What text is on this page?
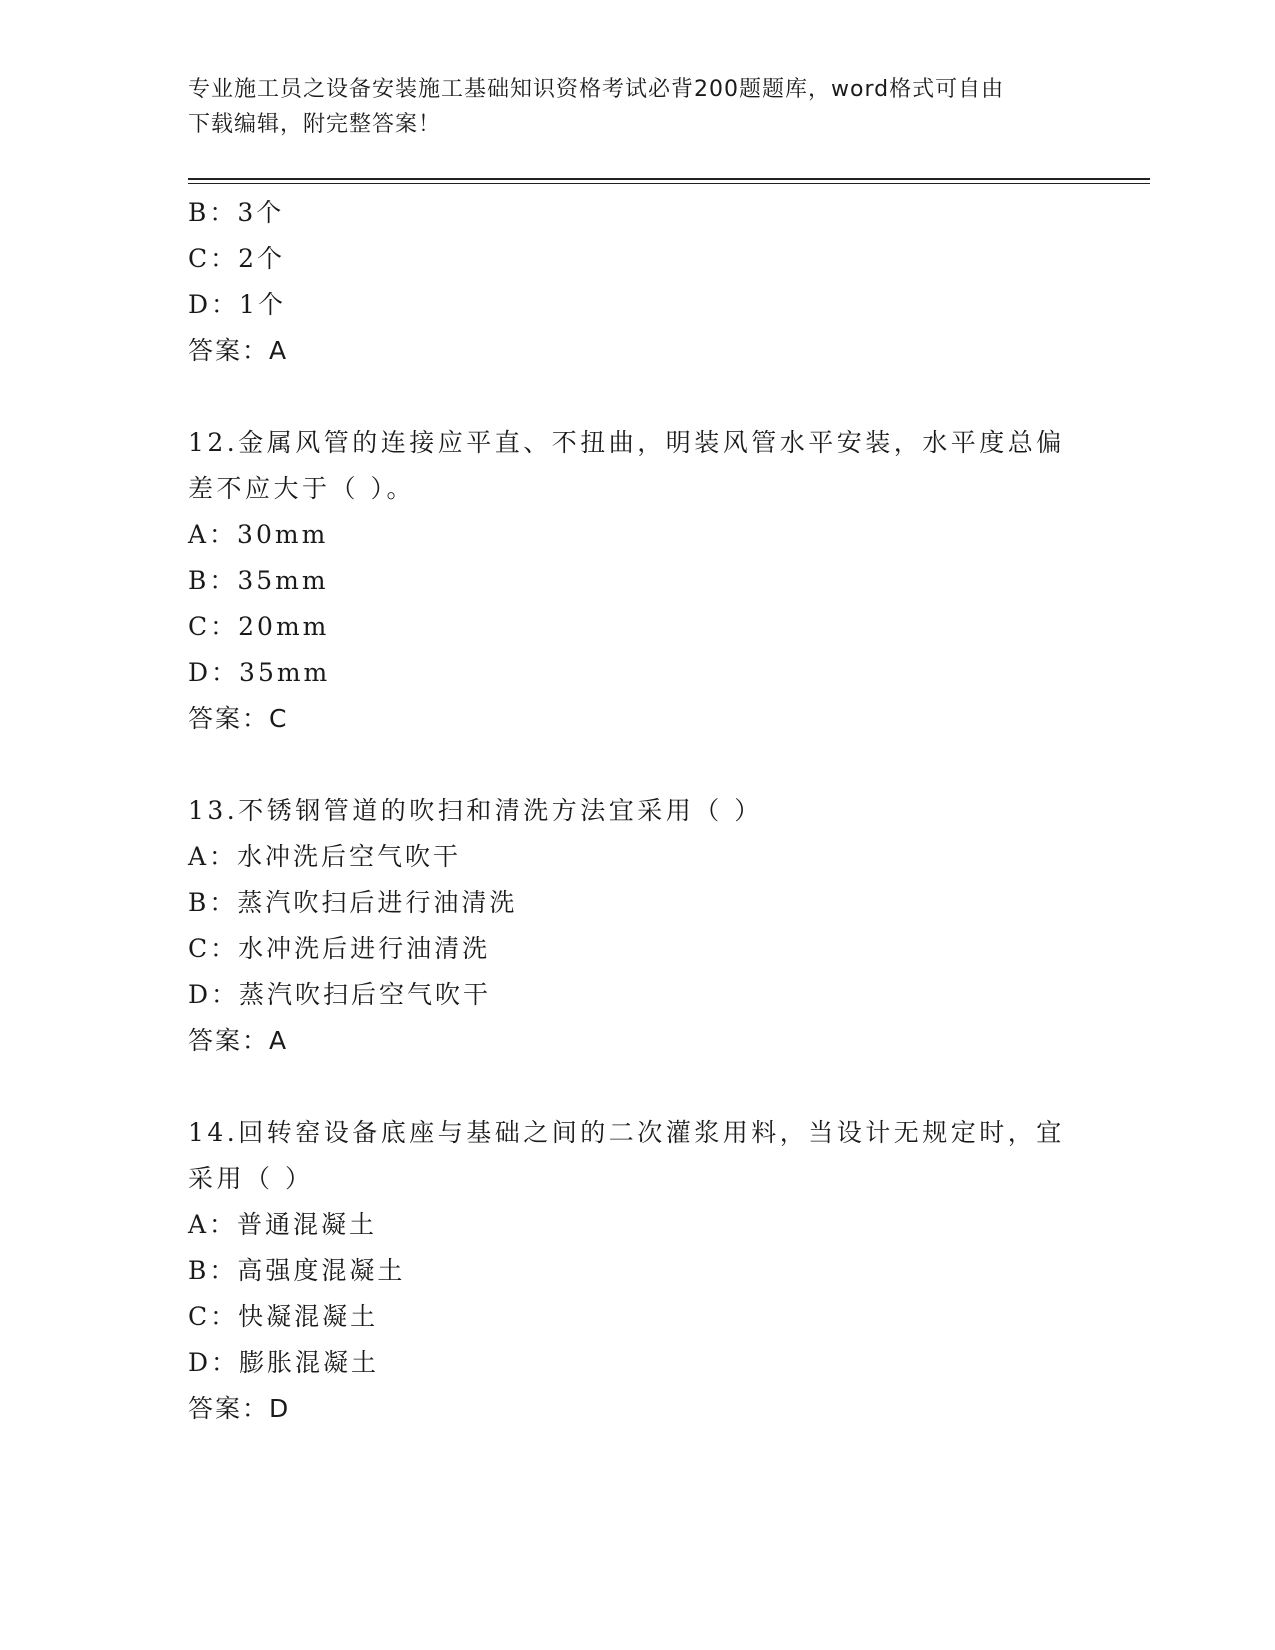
专业施工员之设备安装施工基础知识资格考试必背200题题库，word格式可自由
下载编辑，附完整答案！
B：3个
C：2个
D：1个
答案：A
12.金属风管的连接应平直、不扭曲，明装风管水平安装，水平度总偏
差不应大于（ ）。
A：30mm
B：35mm
C：20mm
D：35mm
答案：C
13.不锈钢管道的吹扫和清洗方法宜采用（ ）
A：水冲洗后空气吹干
B：蒸汽吹扫后进行油清洗
C：水冲洗后进行油清洗
D：蒸汽吹扫后空气吹干
答案：A
14.回转窑设备底座与基础之间的二次灌浆用料，当设计无规定时，宜
采用（ ）
A：普通混凝土
B：高强度混凝土
C：快凝混凝土
D：膨胀混凝土
答案：D
